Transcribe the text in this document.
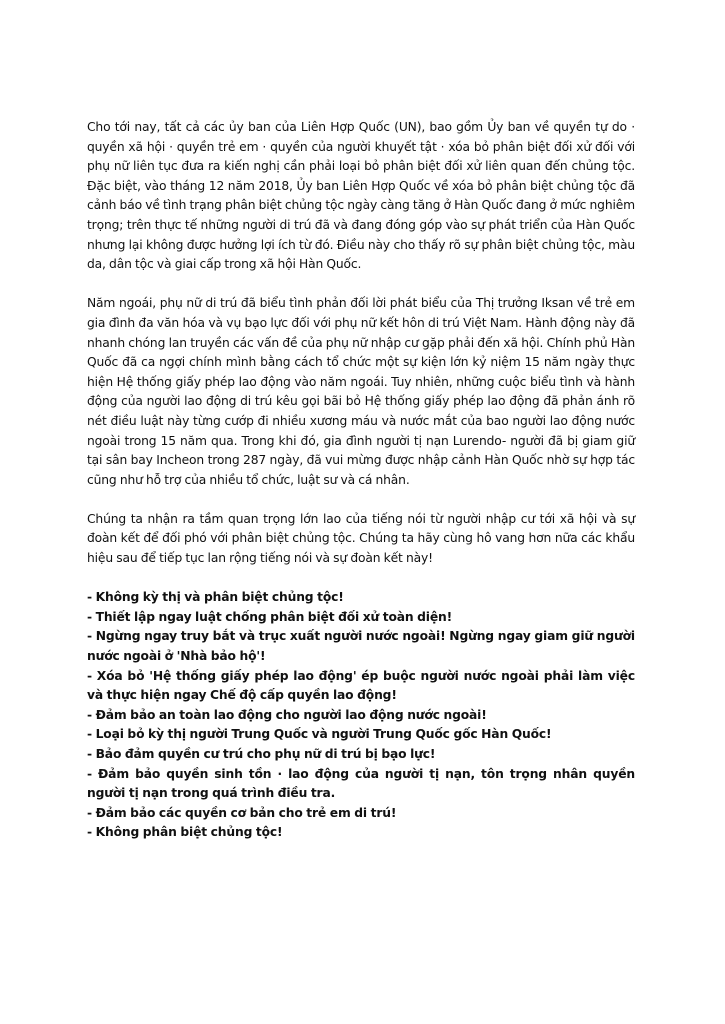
Cho tới nay, tất cả các ủy ban của Liên Hợp Quốc (UN), bao gồm Ủy ban về quyền tự do · quyền xã hội · quyền trẻ em · quyền của người khuyết tật · xóa bỏ phân biệt đối xử đối với phụ nữ liên tục đưa ra kiến nghị cần phải loại bỏ phân biệt đối xử liên quan đến chủng tộc. Đặc biệt, vào tháng 12 năm 2018, Ủy ban Liên Hợp Quốc về xóa bỏ phân biệt chủng tộc đã cảnh báo về tình trạng phân biệt chủng tộc ngày càng tăng ở Hàn Quốc đang ở mức nghiêm trọng; trên thực tế những người di trú đã và đang đóng góp vào sự phát triển của Hàn Quốc nhưng lại không được hưởng lợi ích từ đó. Điều này cho thấy rõ sự phân biệt chủng tộc, màu da, dân tộc và giai cấp trong xã hội Hàn Quốc.

Năm ngoái, phụ nữ di trú đã biểu tình phản đối lời phát biểu của Thị trưởng Iksan về trẻ em gia đình đa văn hóa và vụ bạo lực đối với phụ nữ kết hôn di trú Việt Nam. Hành động này đã nhanh chóng lan truyền các vấn đề của phụ nữ nhập cư gặp phải đến xã hội. Chính phủ Hàn Quốc đã ca ngợi chính mình bằng cách tổ chức một sự kiện lớn kỷ niệm 15 năm ngày thực hiện Hệ thống giấy phép lao động vào năm ngoái. Tuy nhiên, những cuộc biểu tình và hành động của người lao động di trú kêu gọi bãi bỏ Hệ thống giấy phép lao động đã phản ánh rõ nét điều luật này từng cướp đi nhiều xương máu và nước mắt của bao người lao động nước ngoài trong 15 năm qua. Trong khi đó, gia đình người tị nạn Lurendo- người đã bị giam giữ tại sân bay Incheon trong 287 ngày, đã vui mừng được nhập cảnh Hàn Quốc nhờ sự hợp tác cũng như hỗ trợ của nhiều tổ chức, luật sư và cá nhân.

Chúng ta nhận ra tầm quan trọng lớn lao của tiếng nói từ người nhập cư tới xã hội và sự đoàn kết để đối phó với phân biệt chủng tộc. Chúng ta hãy cùng hô vang hơn nữa các khẩu hiệu sau để tiếp tục lan rộng tiếng nói và sự đoàn kết này!

- Không kỳ thị và phân biệt chủng tộc!
- Thiết lập ngay luật chống phân biệt đối xử toàn diện!
- Ngừng ngay truy bắt và trục xuất người nước ngoài! Ngừng ngay giam giữ người nước ngoài ở 'Nhà bảo hộ'!
- Xóa bỏ 'Hệ thống giấy phép lao động' ép buộc người nước ngoài phải làm việc và thực hiện ngay Chế độ cấp quyền lao động!
- Đảm bảo an toàn lao động cho người lao động nước ngoài!
- Loại bỏ kỳ thị người Trung Quốc và người Trung Quốc gốc Hàn Quốc!
- Bảo đảm quyền cư trú cho phụ nữ di trú bị bạo lực!
- Đảm bảo quyền sinh tồn · lao động của người tị nạn, tôn trọng nhân quyền người tị nạn trong quá trình điều tra.
- Đảm bảo các quyền cơ bản cho trẻ em di trú!
- Không phân biệt chủng tộc!
